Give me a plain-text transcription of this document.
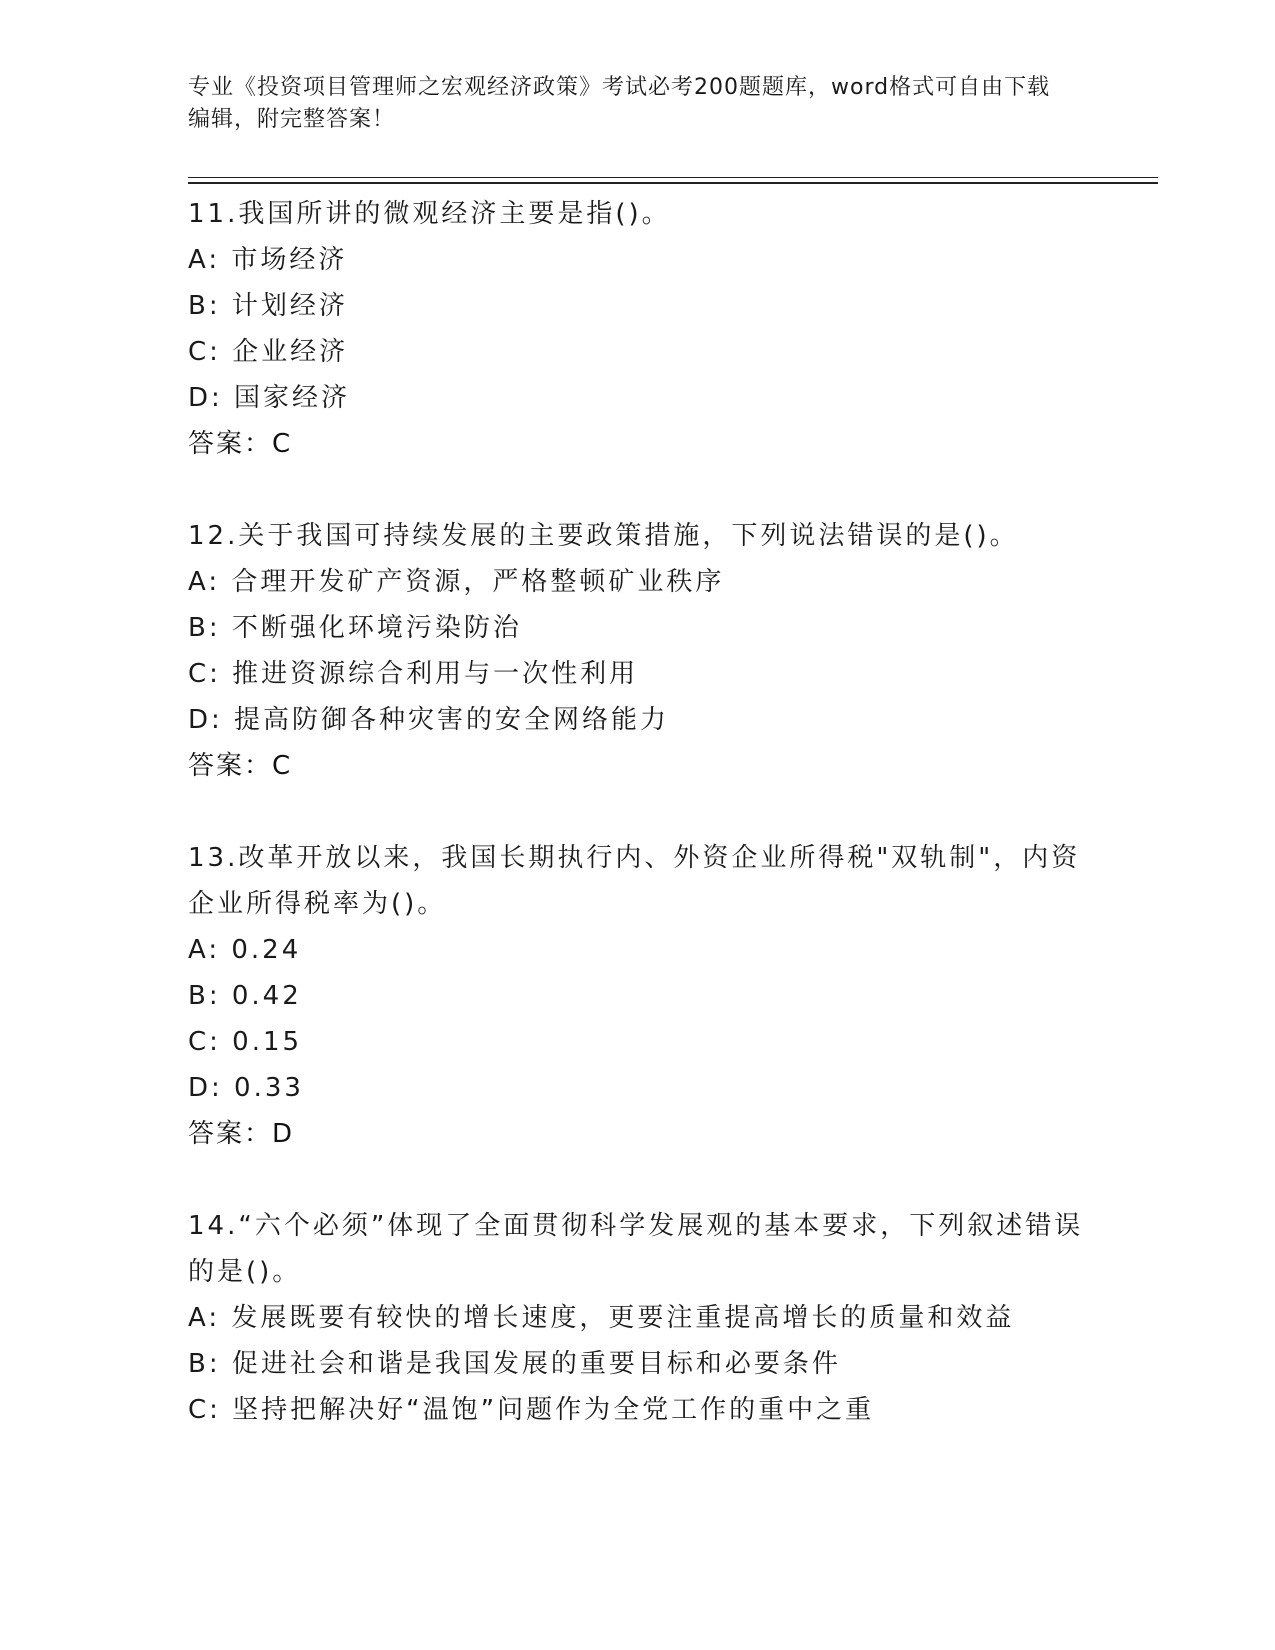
专业《投资项目管理师之宏观经济政策》考试必考200题题库，word格式可自由下载编辑，附完整答案！
11.我国所讲的微观经济主要是指()。
A: 市场经济
B: 计划经济
C: 企业经济
D: 国家经济
答案：C
12.关于我国可持续发展的主要政策措施，下列说法错误的是()。
A: 合理开发矿产资源，严格整顿矿业秩序
B: 不断强化环境污染防治
C: 推进资源综合利用与一次性利用
D: 提高防御各种灾害的安全网络能力
答案：C
13.改革开放以来，我国长期执行内、外资企业所得税"双轨制"，内资企业所得税率为()。
A: 0.24
B: 0.42
C: 0.15
D: 0.33
答案：D
14.“六个必须”体现了全面贯彻科学发展观的基本要求，下列叙述错误的是()。
A: 发展既要有较快的增长速度，更要注重提高增长的质量和效益
B: 促进社会和谐是我国发展的重要目标和必要条件
C: 坚持把解决好“温饱”问题作为全党工作的重中之重
